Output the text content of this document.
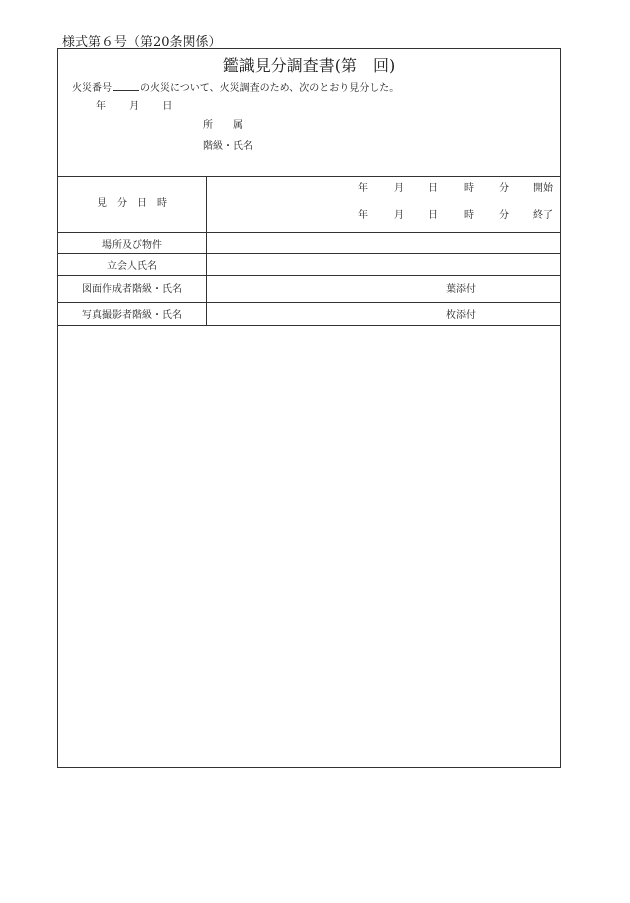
様式第６号（第20条関係）
鑑識見分調査書(第　回)
火災番号	の火災について、火災調査のため、次のとおり見分した。
年 月 日
所　　属
階級・氏名
見　分　日　時
年	月 日	時	分 開始
年	月 日	時	分 終了
場所及び物件
立会人氏名
図面作成者階級・氏名	葉添付
写真撮影者階級・氏名	枚添付
